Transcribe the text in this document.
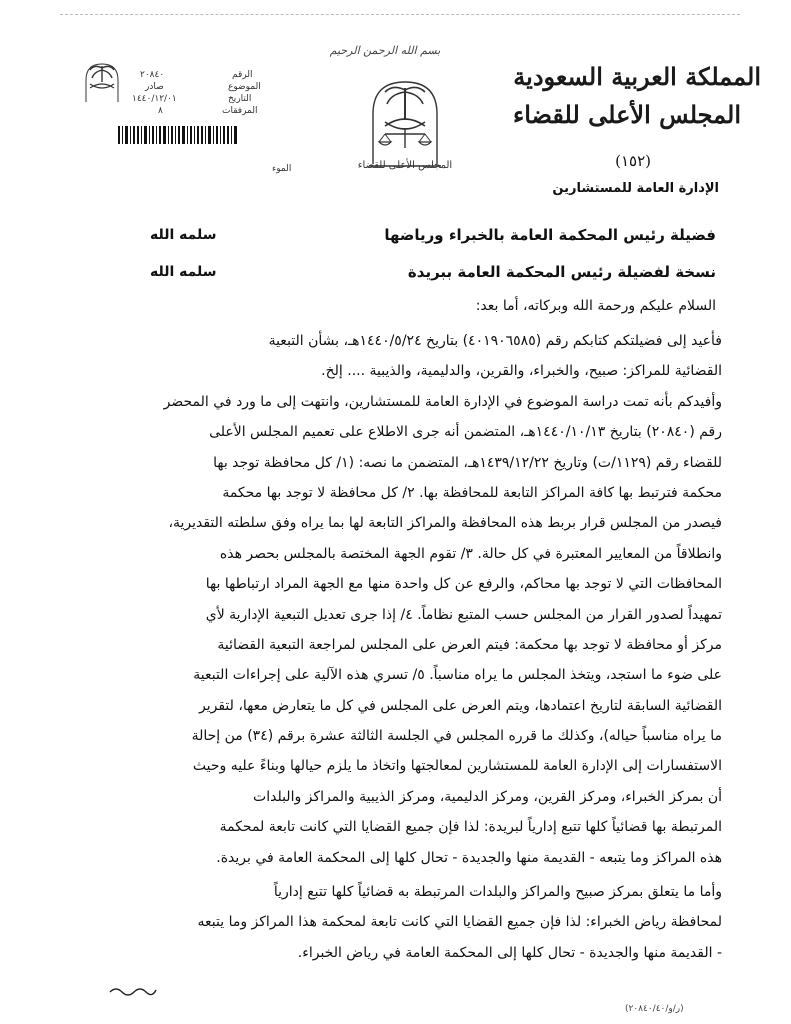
بسم الله الرحمن الرحيم
المملكة العربية السعودية
المجلس الأعلى للقضاء
(١٥٢)
الإدارة العامة للمستشارين
المجلس الأعلى للقضاء
٢٠٨٤٠	الرقم
صادر	الموضوع
١٤٤٠/١٢/٠١	التاريخ
٨	المرفقات
الموء
فضيلة رئيس المحكمة العامة بالخبراء ورياضها
سلمه الله
نسخة لفضيلة رئيس المحكمة العامة ببريدة
سلمه الله
السلام عليكم ورحمة الله وبركاته، أما بعد:
فأعيد إلى فضيلتكم كتابكم رقم (٤٠١٩٠٦٥٨٥) بتاريخ ١٤٤٠/٥/٢٤هـ، بشأن التبعية
القضائية للمراكز: صبيح، والخبراء، والقرين، والدليمية، والذيبية .... إلخ.
وأفيدكم بأنه تمت دراسة الموضوع في الإدارة العامة للمستشارين، وانتهت إلى ما ورد في المحضر
رقم (٢٠٨٤٠) بتاريخ ١٤٤٠/١٠/١٣هـ، المتضمن أنه جرى الاطلاع على تعميم المجلس الأعلى
للقضاء رقم (١١٢٩/ت) وتاريخ ١٤٣٩/١٢/٢٢هـ، المتضمن ما نصه: (١/ كل محافظة توجد بها
محكمة فترتبط بها كافة المراكز التابعة للمحافظة بها. ٢/ كل محافظة لا توجد بها محكمة
فيصدر من المجلس قرار بربط هذه المحافظة والمراكز التابعة لها بما يراه وفق سلطته التقديرية،
وانطلاقاً من المعايير المعتبرة في كل حالة. ٣/ تقوم الجهة المختصة بالمجلس بحصر هذه
المحافظات التي لا توجد بها محاكم، والرفع عن كل واحدة منها مع الجهة المراد ارتباطها بها
تمهيداً لصدور القرار من المجلس حسب المتبع نظاماً. ٤/ إذا جرى تعديل التبعية الإدارية لأي
مركز أو محافظة لا توجد بها محكمة: فيتم العرض على المجلس لمراجعة التبعية القضائية
على ضوء ما استجد، ويتخذ المجلس ما يراه مناسباً. ٥/ تسري هذه الآلية على إجراءات التبعية
القضائية السابقة لتاريخ اعتمادها، ويتم العرض على المجلس في كل ما يتعارض معها، لتقرير
ما يراه مناسباً حياله)، وكذلك ما قرره المجلس في الجلسة الثالثة عشرة برقم (٣٤) من إحالة
الاستفسارات إلى الإدارة العامة للمستشارين لمعالجتها واتخاذ ما يلزم حيالها وبناءً عليه وحيث
أن بمركز الخبراء، ومركز القرين، ومركز الدليمية، ومركز الذيبية والمراكز والبلدات
المرتبطة بها قضائياً كلها تتبع إدارياً لبريدة: لذا فإن جميع القضايا التي كانت تابعة لمحكمة
هذه المراكز وما يتبعه - القديمة منها والجديدة - تحال كلها إلى المحكمة العامة في بريدة.
وأما ما يتعلق بمركز صبيح والمراكز والبلدات المرتبطة به قضائياً كلها تتبع إدارياً
لمحافظة رياض الخبراء: لذا فإن جميع القضايا التي كانت تابعة لمحكمة هذا المراكز وما يتبعه
- القديمة منها والجديدة - تحال كلها إلى المحكمة العامة في رياض الخبراء.
(ر/و/٢٠٨٤٠/٤٠)
